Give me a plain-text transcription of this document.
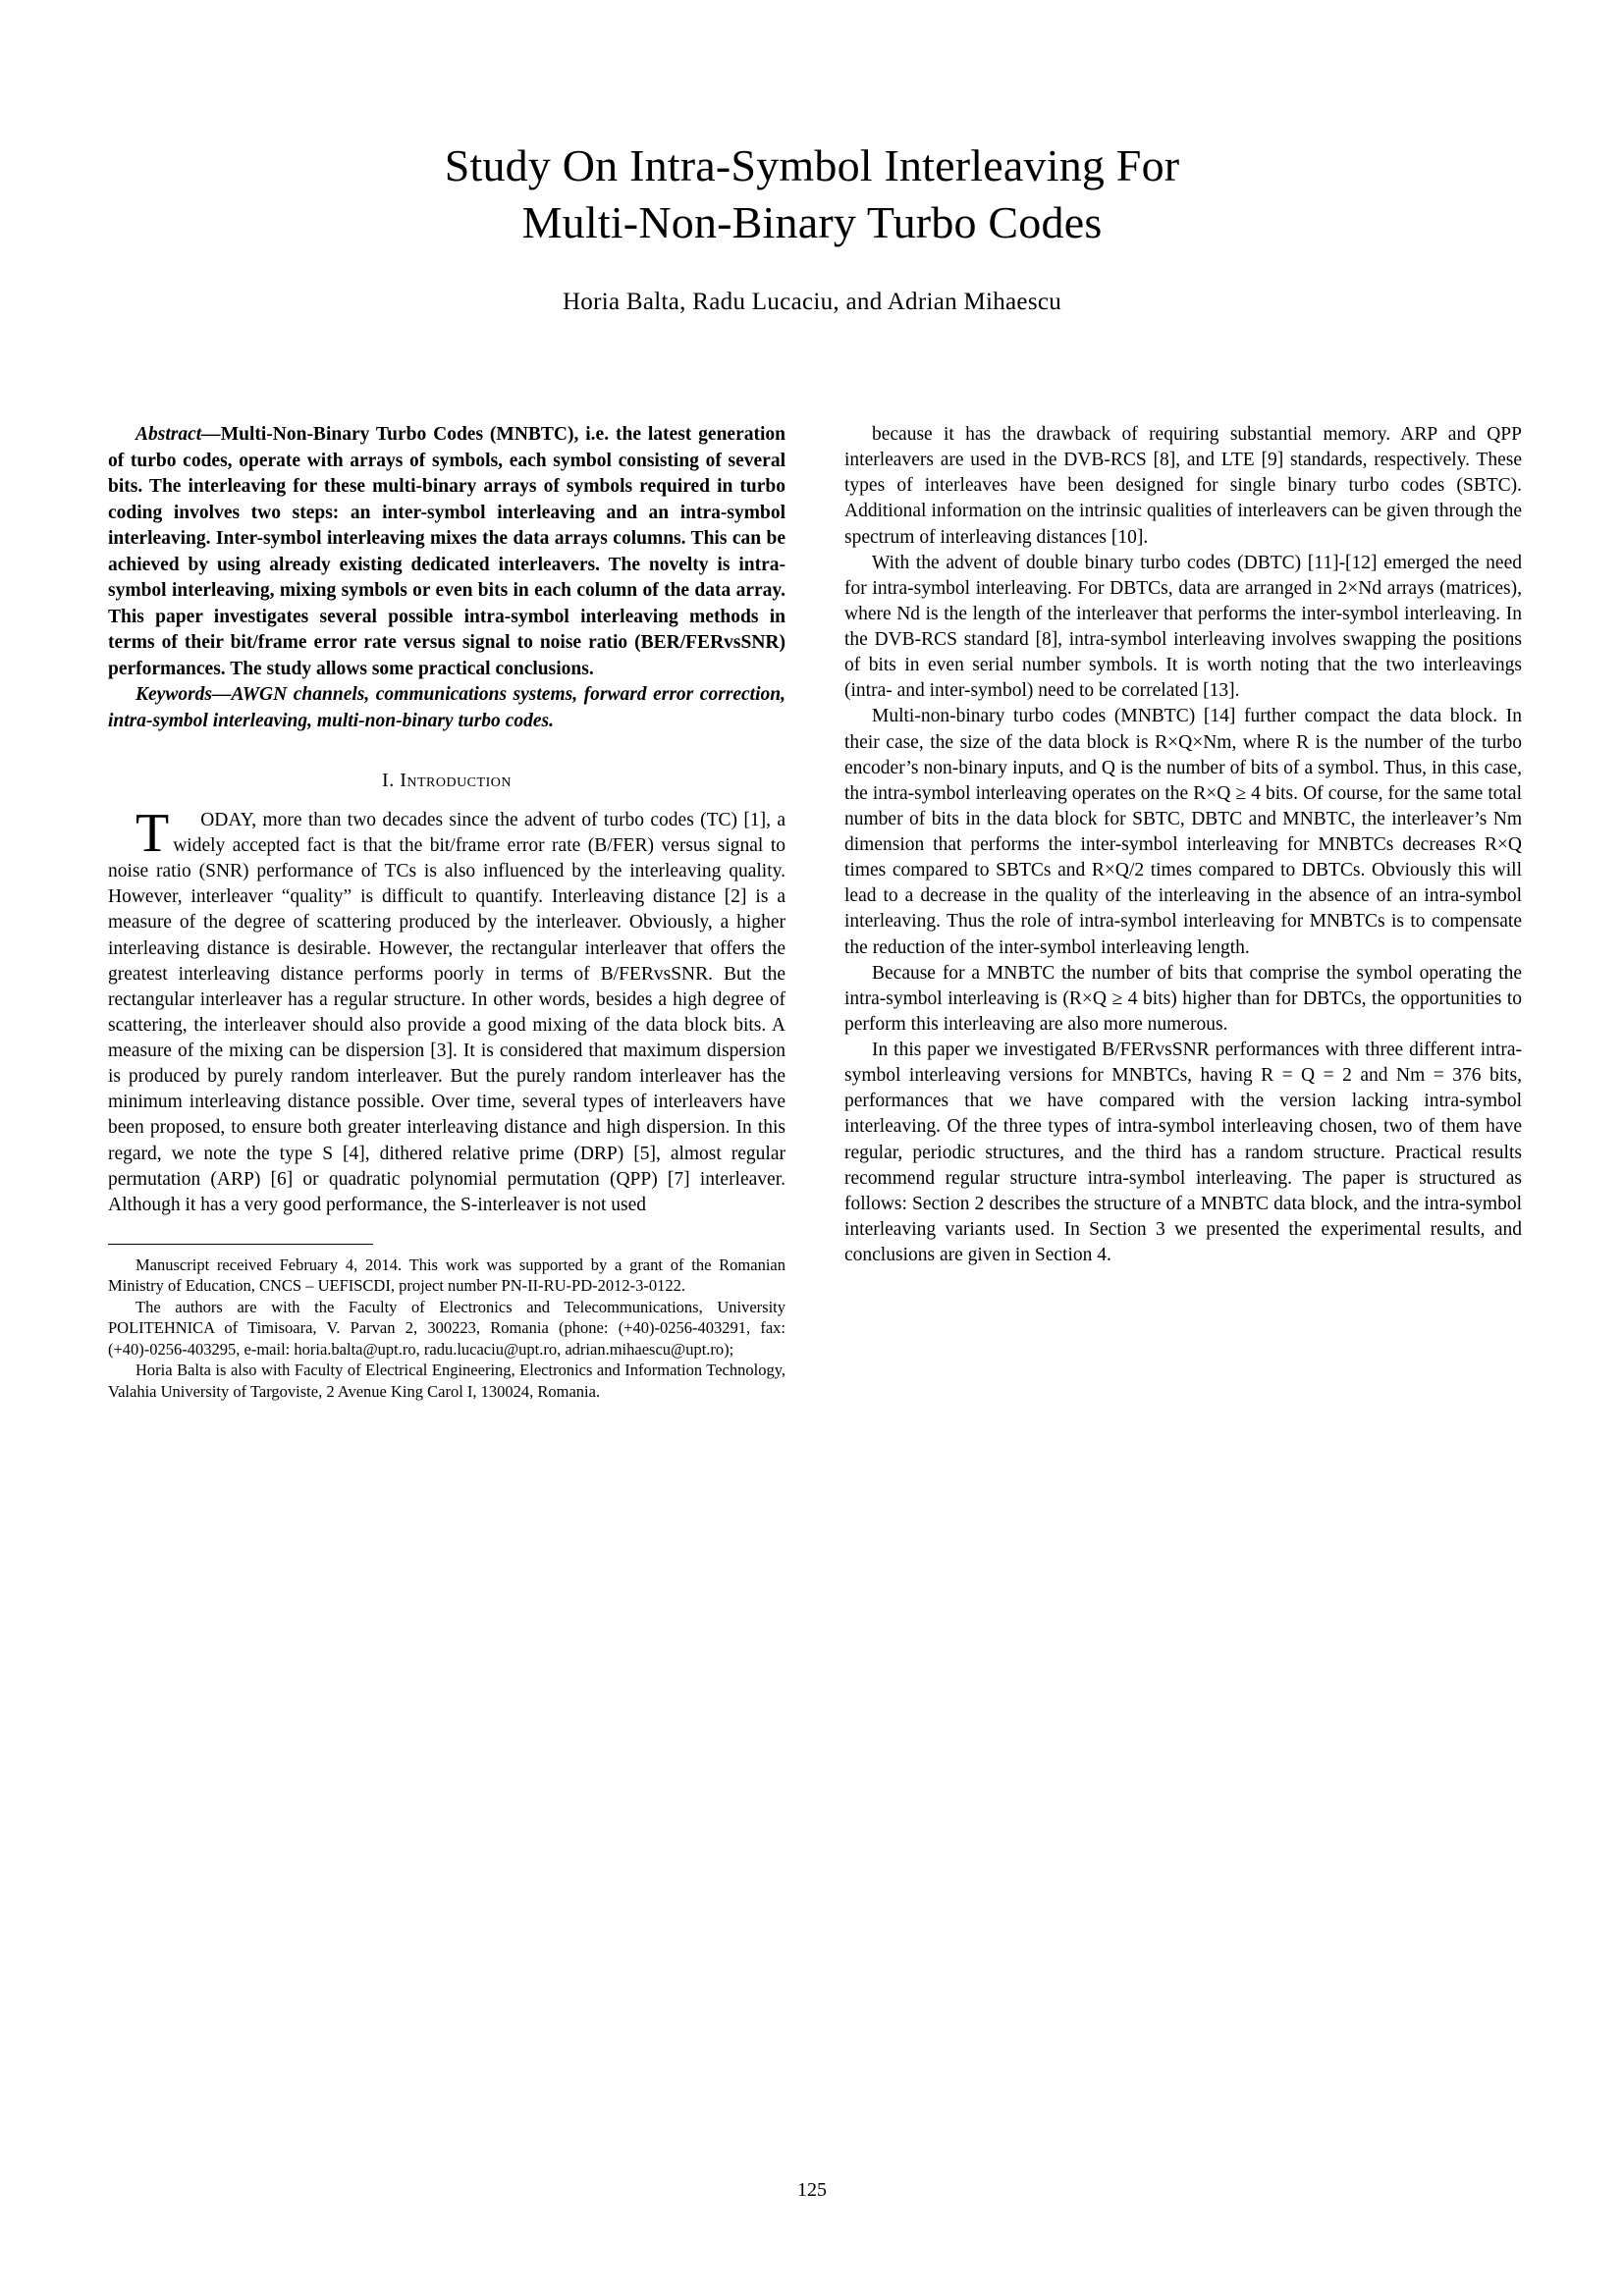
Study On Intra-Symbol Interleaving For
Multi-Non-Binary Turbo Codes
Horia Balta, Radu Lucaciu, and Adrian Mihaescu

Abstract—Multi-Non-Binary Turbo Codes (MNBTC), i.e. the latest generation of turbo codes, operate with arrays of symbols, each symbol consisting of several bits. The interleaving for these multi-binary arrays of symbols required in turbo coding involves two steps: an inter-symbol interleaving and an intra-symbol interleaving. Inter-symbol interleaving mixes the data arrays columns. This can be achieved by using already existing dedicated interleavers. The novelty is intra-symbol interleaving, mixing symbols or even bits in each column of the data array. This paper investigates several possible intra-symbol interleaving methods in terms of their bit/frame error rate versus signal to noise ratio (BER/FERvsSNR) performances. The study allows some practical conclusions.

Keywords—AWGN channels, communications systems, forward error correction, intra-symbol interleaving, multi-non-binary turbo codes.

I. Introduction

T ODAY, more than two decades since the advent of turbo codes (TC) [1], a widely accepted fact is that the bit/frame error rate (B/FER) versus signal to noise ratio (SNR) performance of TCs is also influenced by the interleaving quality. However, interleaver “quality” is difficult to quantify. Interleaving distance [2] is a measure of the degree of scattering produced by the interleaver. Obviously, a higher interleaving distance is desirable. However, the rectangular interleaver that offers the greatest interleaving distance performs poorly in terms of B/FERvsSNR. But the rectangular interleaver has a regular structure. In other words, besides a high degree of scattering, the interleaver should also provide a good mixing of the data block bits. A measure of the mixing can be dispersion [3]. It is considered that maximum dispersion is produced by purely random interleaver. But the purely random interleaver has the minimum interleaving distance possible. Over time, several types of interleavers have been proposed, to ensure both greater interleaving distance and high dispersion. In this regard, we note the type S [4], dithered relative prime (DRP) [5], almost regular permutation (ARP) [6] or quadratic polynomial permutation (QPP) [7] interleaver. Although it has a very good performance, the S-interleaver is not used

Manuscript received February 4, 2014. This work was supported by a grant of the Romanian Ministry of Education, CNCS – UEFISCDI, project number PN-II-RU-PD-2012-3-0122.

The authors are with the Faculty of Electronics and Telecommunications, University POLITEHNICA of Timisoara, V. Parvan 2, 300223, Romania (phone: (+40)-0256-403291, fax: (+40)-0256-403295, e-mail: horia.balta@upt.ro, radu.lucaciu@upt.ro, adrian.mihaescu@upt.ro);

Horia Balta is also with Faculty of Electrical Engineering, Electronics and Information Technology, Valahia University of Targoviste, 2 Avenue King Carol I, 130024, Romania.

because it has the drawback of requiring substantial memory. ARP and QPP interleavers are used in the DVB-RCS [8], and LTE [9] standards, respectively. These types of interleaves have been designed for single binary turbo codes (SBTC). Additional information on the intrinsic qualities of interleavers can be given through the spectrum of interleaving distances [10].

With the advent of double binary turbo codes (DBTC) [11]-[12] emerged the need for intra-symbol interleaving. For DBTCs, data are arranged in 2×Nd arrays (matrices), where Nd is the length of the interleaver that performs the inter-symbol interleaving. In the DVB-RCS standard [8], intra-symbol interleaving involves swapping the positions of bits in even serial number symbols. It is worth noting that the two interleavings (intra- and inter-symbol) need to be correlated [13].

Multi-non-binary turbo codes (MNBTC) [14] further compact the data block. In their case, the size of the data block is R×Q×Nm, where R is the number of the turbo encoder’s non-binary inputs, and Q is the number of bits of a symbol. Thus, in this case, the intra-symbol interleaving operates on the R×Q ≥ 4 bits. Of course, for the same total number of bits in the data block for SBTC, DBTC and MNBTC, the interleaver’s Nm dimension that performs the inter-symbol interleaving for MNBTCs decreases R×Q times compared to SBTCs and R×Q/2 times compared to DBTCs. Obviously this will lead to a decrease in the quality of the interleaving in the absence of an intra-symbol interleaving. Thus the role of intra-symbol interleaving for MNBTCs is to compensate the reduction of the inter-symbol interleaving length.

Because for a MNBTC the number of bits that comprise the symbol operating the intra-symbol interleaving is (R×Q ≥ 4 bits) higher than for DBTCs, the opportunities to perform this interleaving are also more numerous.

In this paper we investigated B/FERvsSNR performances with three different intra-symbol interleaving versions for MNBTCs, having R = Q = 2 and Nm = 376 bits, performances that we have compared with the version lacking intra-symbol interleaving. Of the three types of intra-symbol interleaving chosen, two of them have regular, periodic structures, and the third has a random structure. Practical results recommend regular structure intra-symbol interleaving. The paper is structured as follows: Section 2 describes the structure of a MNBTC data block, and the intra-symbol interleaving variants used. In Section 3 we presented the experimental results, and conclusions are given in Section 4.

125
